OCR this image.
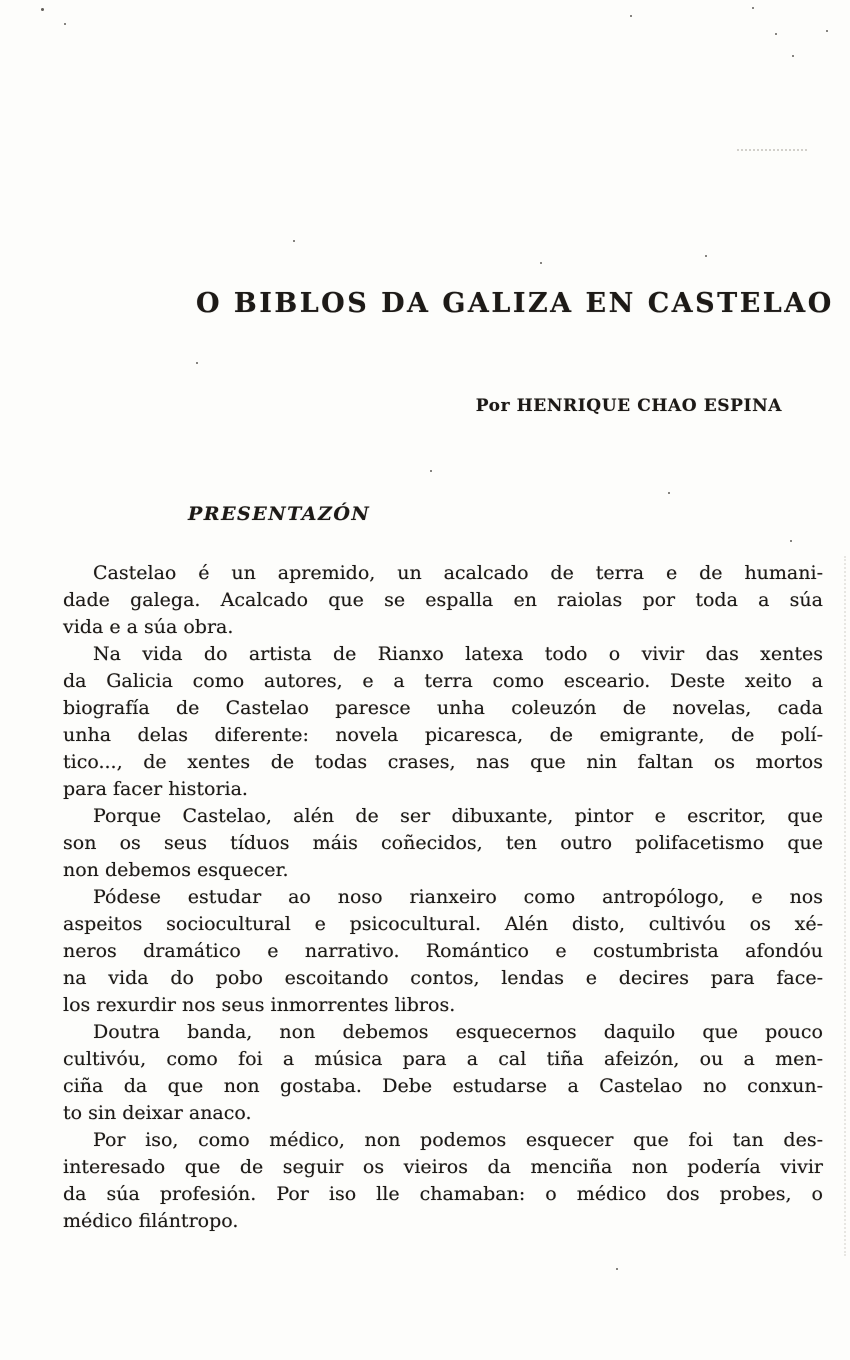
O BIBLOS DA GALIZA EN CASTELAO
Por HENRIQUE CHAO ESPINA
PRESENTAZÓN
Castelao é un apremido, un acalcado de terra e de humani-
dade galega. Acalcado que se espalla en raiolas por toda a súa
vida e a súa obra.
Na vida do artista de Rianxo latexa todo o vivir das xentes
da Galicia como autores, e a terra como esceario. Deste xeito a
biografía de Castelao paresce unha coleuzón de novelas, cada
unha delas diferente: novela picaresca, de emigrante, de polí-
tico..., de xentes de todas crases, nas que nin faltan os mortos
para facer historia.
Porque Castelao, alén de ser dibuxante, pintor e escritor, que
son os seus tíduos máis coñecidos, ten outro polifacetismo que
non debemos esquecer.
Pódese estudar ao noso rianxeiro como antropólogo, e nos
aspeitos sociocultural e psicocultural. Alén disto, cultivóu os xé-
neros dramático e narrativo. Romántico e costumbrista afondóu
na vida do pobo escoitando contos, lendas e decires para face-
los rexurdir nos seus inmorrentes libros.
Doutra banda, non debemos esquecernos daquilo que pouco
cultivóu, como foi a música para a cal tiña afeizón, ou a men-
ciña da que non gostaba. Debe estudarse a Castelao no conxun-
to sin deixar anaco.
Por iso, como médico, non podemos esquecer que foi tan des-
interesado que de seguir os vieiros da menciña non podería vivir
da súa profesión. Por iso lle chamaban: o médico dos probes, o
médico filántropo.
